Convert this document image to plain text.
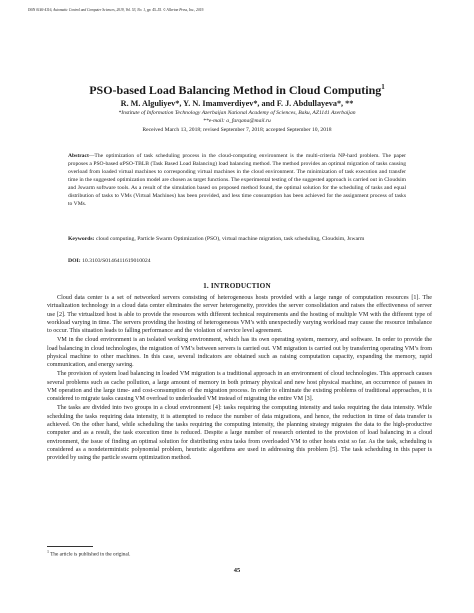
ISSN 0146-4116, Automatic Control and Computer Sciences, 2019, Vol. 53, No. 1, pp. 45–55. © Allerton Press, Inc., 2019.
PSO-based Load Balancing Method in Cloud Computing$^1$
R. M. Alguliyev*, Y. N. Imamverdiyev*, and F. J. Abdullayeva*, **
*Institute of Information Technology Azerbaijan National Academy of Sciences, Baku, AZ1141 Azerbaijan
**e-mail: a_farqana@mail.ru
Received March 13, 2018; revised September 7, 2018; accepted September 10, 2018
Abstract—The optimization of task scheduling process in the cloud-computing environment is the multi-criteria NP-hard problem. The paper proposes a PSO-based αPSO-TBLB (Task Based Load Balancing) load balancing method. The method provides an optimal migration of tasks causing overload from loaded virtual machines to corresponding virtual machines in the cloud environment. The minimization of task execution and transfer time in the suggested optimization model are chosen as target functions. The experimental testing of the suggested approach is carried out in Cloudsim and Jswarm software tools. As a result of the simulation based on proposed method found, the optimal solution for the scheduling of tasks and equal distribution of tasks to VMs (Virtual Machines) has been provided, and less time consumption has been achieved for the assignment process of tasks to VMs.
Keywords: cloud computing, Particle Swarm Optimization (PSO), virtual machine migration, task scheduling, Cloudsim, Jswarm
DOI: 10.3103/S0146411619010024
1. INTRODUCTION

Cloud data center is a set of networked servers consisting of heterogeneous hosts provided with a large range of computation resources [1]. The virtualization technology in a cloud data center eliminates the server heterogeneity, provides the server consolidation and raises the effectiveness of server use [2]. The virtualized host is able to provide the resources with different technical requirements and the hosting of multiple VM with the different type of workload varying in time. The servers providing the hosting of heterogeneous VM’s with unexpectedly varying workload may cause the resource imbalance to occur. This situation leads to falling performance and the violation of service level agreement.

VM in the cloud environment is an isolated working environment, which has its own operating system, memory, and software. In order to provide the load balancing in cloud technologies, the migration of VM’s between servers is carried out. VM migration is carried out by transferring operating VM’s from physical machine to other machines. In this case, several indicators are obtained such as raising computation capacity, expanding the memory, rapid communication, and energy saving.

The provision of system load balancing in loaded VM migration is a traditional approach in an environment of cloud technologies. This approach causes several problems such as cache pollution, a large amount of memory in both primary physical and new host physical machine, an occurrence of pauses in VM operation and the large time- and cost-consumption of the migration process. In order to eliminate the existing problems of traditional approaches, it is considered to migrate tasks causing VM overload to underloaded VM instead of migrating the entire VM [3].

The tasks are divided into two groups in a cloud environment [4]: tasks requiring the computing intensity and tasks requiring the data intensity. While scheduling the tasks requiring data intensity, it is attempted to reduce the number of data migrations, and hence, the reduction in time of data transfer is achieved. On the other hand, while scheduling the tasks requiring the computing intensity, the planning strategy migrates the data to the high-productive computer and as a result, the task execution time is reduced. Despite a large number of research oriented to the provision of load balancing in a cloud environment, the issue of finding an optimal solution for distributing extra tasks from overloaded VM to other hosts exist so far. As the task, scheduling is considered as a nondeterministic polynomial problem, heuristic algorithms are used in addressing this problem [5]. The task scheduling in this paper is provided by using the particle swarm optimization method.

$^1$ The article is published in the original.
45
